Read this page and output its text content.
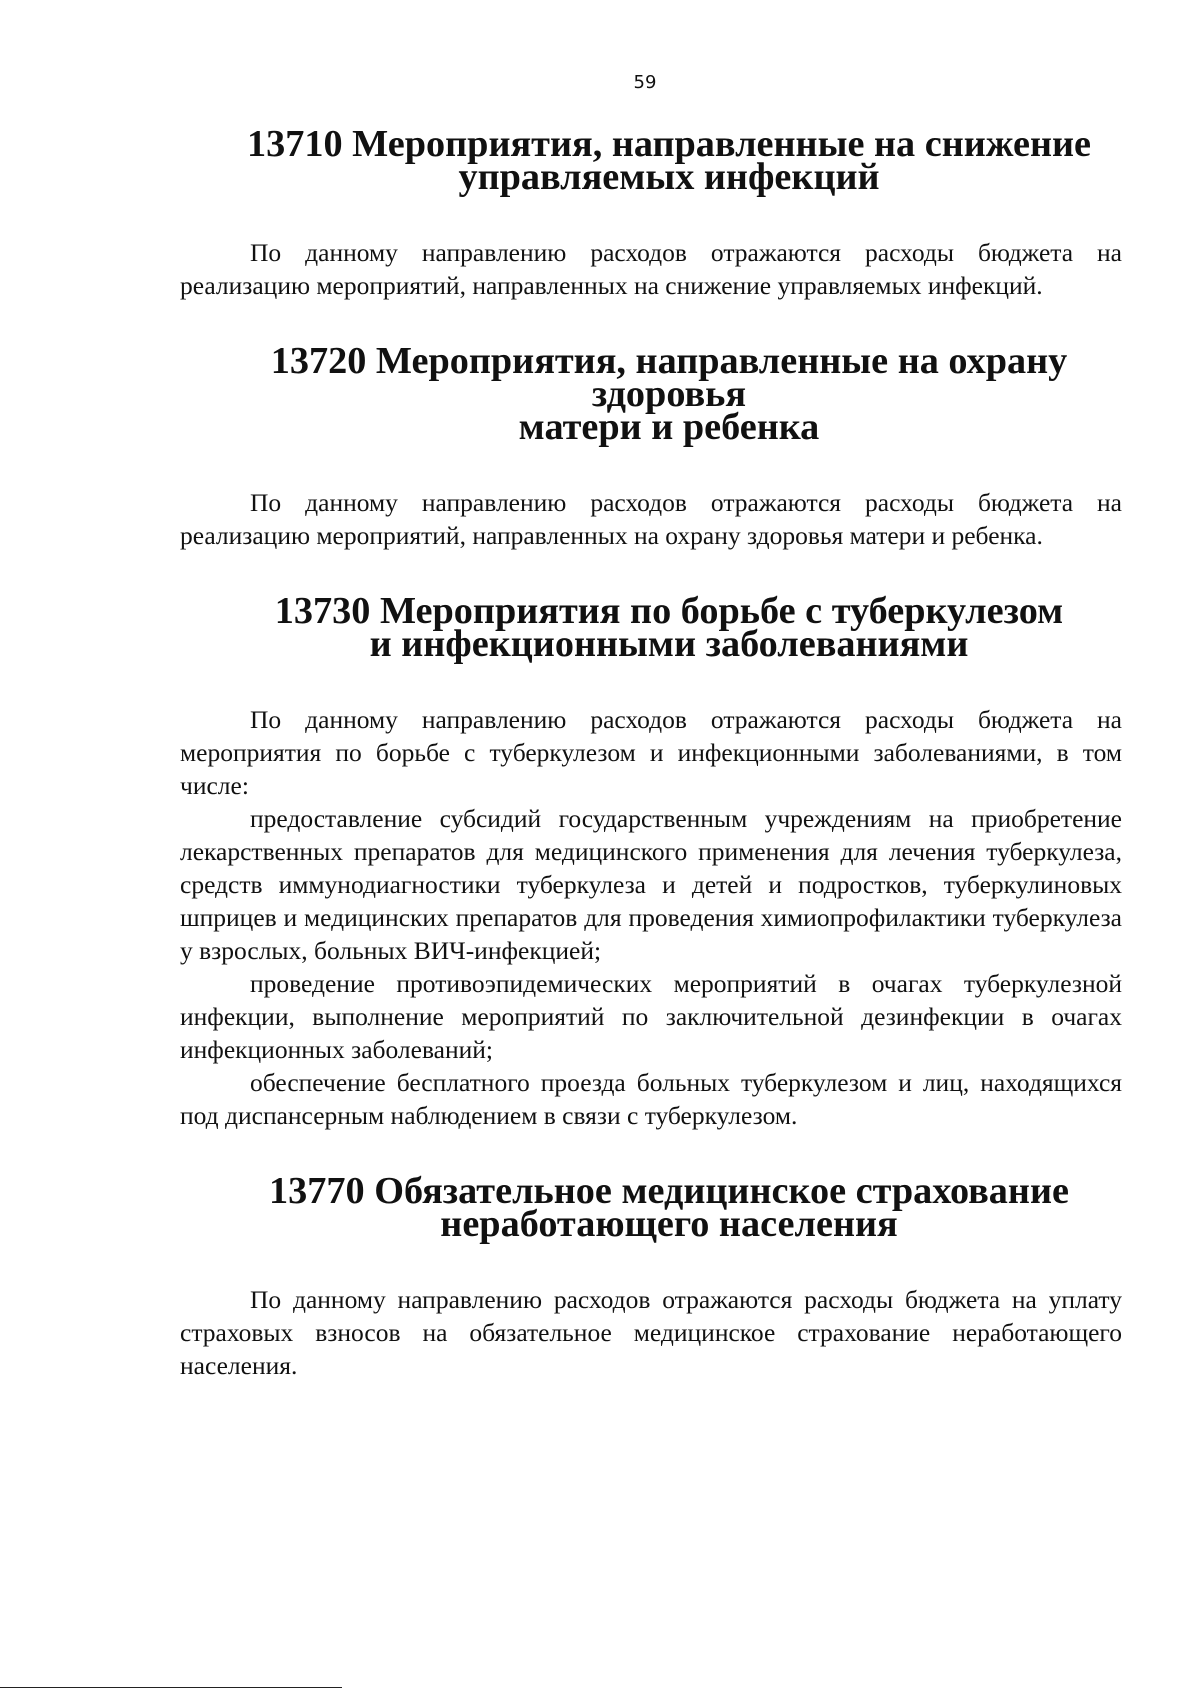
59
13710 Мероприятия, направленные на снижение
управляемых инфекций

По данному направлению расходов отражаются расходы бюджета на реализацию мероприятий, направленных на снижение управляемых инфекций.

13720 Мероприятия, направленные на охрану здоровья
матери и ребенка

По данному направлению расходов отражаются расходы бюджета на реализацию мероприятий, направленных на охрану здоровья матери и ребенка.

13730 Мероприятия по борьбе с туберкулезом
и инфекционными заболеваниями

По данному направлению расходов отражаются расходы бюджета на мероприятия по борьбе с туберкулезом и инфекционными заболеваниями, в том числе:

предоставление субсидий государственным учреждениям на приобретение лекарственных препаратов для медицинского применения для лечения туберкулеза, средств иммунодиагностики туберкулеза и детей и подростков, туберкулиновых шприцев и медицинских препаратов для проведения химиопрофилактики туберкулеза у взрослых, больных ВИЧ-инфекцией;

проведение противоэпидемических мероприятий в очагах туберкулезной инфекции, выполнение мероприятий по заключительной дезинфекции в очагах инфекционных заболеваний;

обеспечение бесплатного проезда больных туберкулезом и лиц, находящихся под диспансерным наблюдением в связи с туберкулезом.

13770 Обязательное медицинское страхование
неработающего населения

По данному направлению расходов отражаются расходы бюджета на уплату страховых взносов на обязательное медицинское страхование неработающего населения.
